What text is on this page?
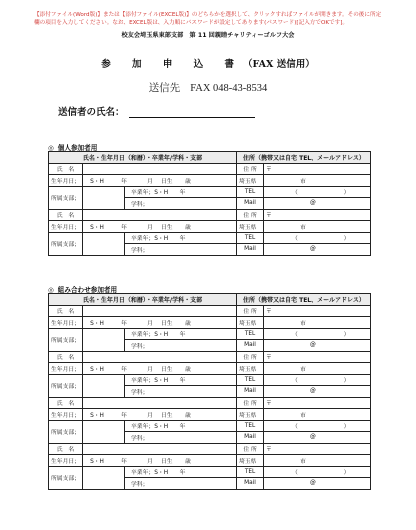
【添付ファイル(Word版)】または【添付ファイル(EXCEL版)】のどちらかを選択して、クリックすればファイルが開きます。その後に所定欄の項目を入力してください。なお、EXCEL版は、入力順にパスワードが設定してあります(パスワード)[記入方でOKです]。
校友会埼玉県東部支部　第 11 回親睦チャリティーゴルフ大会
参 加 申 込 書（FAX 送信用）
送信先 FAX 048-43-8534
送信者の氏名：
◎ 個人参加者用
氏名・生年月日（和暦）・卒業年/学科・支部			住所（携帯又は自宅 TEL、メールアドレス）	
氏　名			住 所	〒
生年月日；	S・H 年 月 日生 歳		埼玉県	市
所属支部；		卒業年；S・H　　 年	TEL	（　）
		学科；	Mail	@
氏　名			住 所	〒
生年月日；	S・H 年 月 日生 歳		埼玉県	市
所属支部；		卒業年；S・H　　 年	TEL	（　）
		学科；	Mail	@
◎ 組み合わせ参加者用
氏名・生年月日（和暦）・卒業年/学科・支部			住所（携帯又は自宅 TEL、メールアドレス）	
氏　名			住 所	〒
生年月日；	S・H 年 月 日生 歳		埼玉県	市
所属支部；		卒業年；S・H　　 年	TEL	（　）
		学科；	Mail	@
氏　名			住 所	〒
生年月日；	S・H 年 月 日生 歳		埼玉県	市
所属支部；		卒業年；S・H　　 年	TEL	（　）
		学科；	Mail	@
氏　名			住 所	〒
生年月日；	S・H 年 月 日生 歳		埼玉県	市
所属支部；		卒業年；S・H　　 年	TEL	（　）
		学科；	Mail	@
氏　名			住 所	〒
生年月日；	S・H 年 月 日生 歳		埼玉県	市
所属支部；		卒業年；S・H　　 年	TEL	（　）
		学科；	Mail	@
